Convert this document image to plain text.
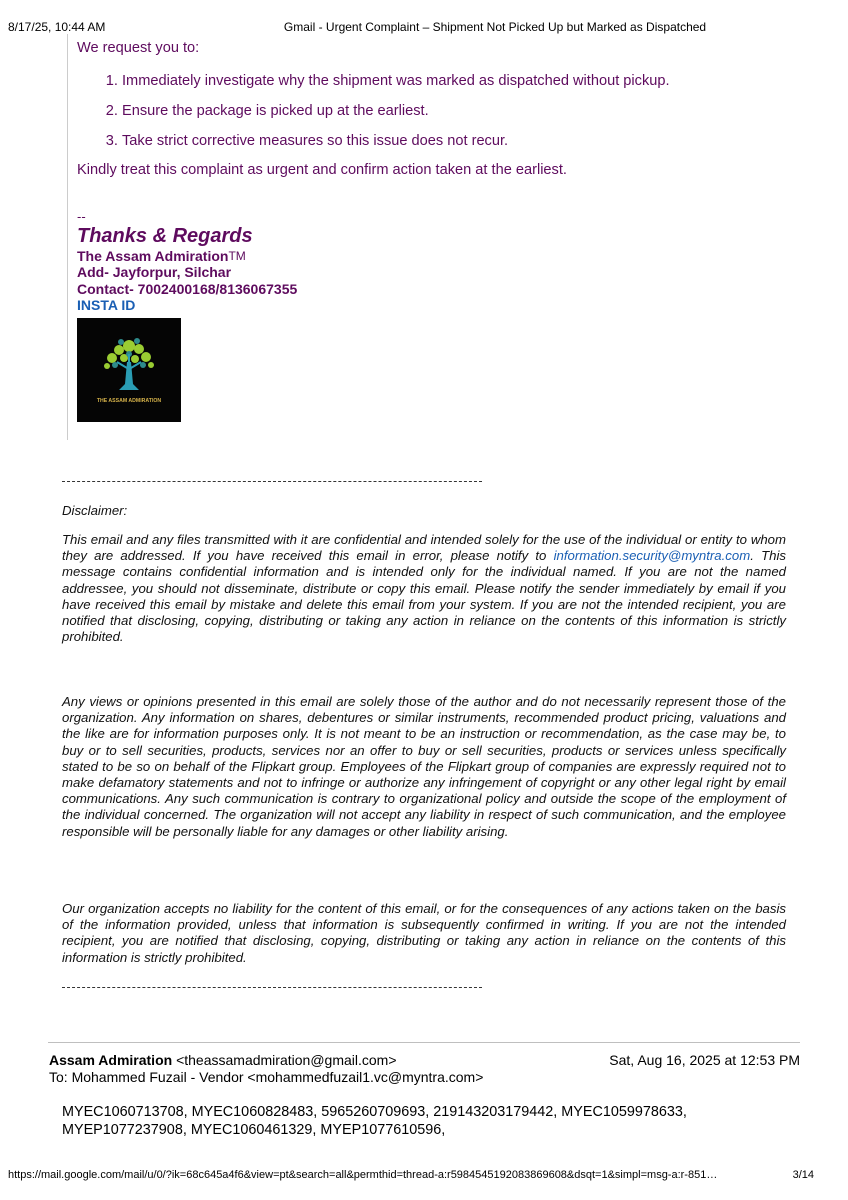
8/17/25, 10:44 AM	Gmail - Urgent Complaint – Shipment Not Picked Up but Marked as Dispatched

We request you to:

1. Immediately investigate why the shipment was marked as dispatched without pickup.
2. Ensure the package is picked up at the earliest.
3. Take strict corrective measures so this issue does not recur.
Kindly treat this complaint as urgent and confirm action taken at the earliest.
--
Thanks & Regards
The Assam AdmirationTM
Add- Jayforpur, Silchar
Contact- 7002400168/8136067355
INSTA ID
THE ASSAM ADMIRATION
Disclaimer:
This email and any files transmitted with it are confidential and intended solely for the use of the individual or entity to whom they are addressed. If you have received this email in error, please notify to information.security@myntra.com. This message contains confidential information and is intended only for the individual named. If you are not the named addressee, you should not disseminate, distribute or copy this email. Please notify the sender immediately by email if you have received this email by mistake and delete this email from your system. If you are not the intended recipient, you are notified that disclosing, copying, distributing or taking any action in reliance on the contents of this information is strictly prohibited.
Any views or opinions presented in this email are solely those of the author and do not necessarily represent those of the organization. Any information on shares, debentures or similar instruments, recommended product pricing, valuations and the like are for information purposes only. It is not meant to be an instruction or recommendation, as the case may be, to buy or to sell securities, products, services nor an offer to buy or sell securities, products or services unless specifically stated to be so on behalf of the Flipkart group. Employees of the Flipkart group of companies are expressly required not to make defamatory statements and not to infringe or authorize any infringement of copyright or any other legal right by email communications. Any such communication is contrary to organizational policy and outside the scope of the employment of the individual concerned. The organization will not accept any liability in respect of such communication, and the employee responsible will be personally liable for any damages or other liability arising.
Our organization accepts no liability for the content of this email, or for the consequences of any actions taken on the basis of the information provided, unless that information is subsequently confirmed in writing. If you are not the intended recipient, you are notified that disclosing, copying, distributing or taking any action in reliance on the contents of this information is strictly prohibited.
Assam Admiration <theassamadmiration@gmail.com>	Sat, Aug 16, 2025 at 12:53 PM
To: Mohammed Fuzail - Vendor <mohammedfuzail1.vc@myntra.com>
MYEC1060713708, MYEC1060828483, 5965260709693, 219143203179442, MYEC1059978633,
MYEP1077237908, MYEC1060461329, MYEP1077610596,
https://mail.google.com/mail/u/0/?ik=68c645a4f6&view=pt&search=all&permthid=thread-a:r5984545192083869608&dsqt=1&simpl=msg-a:r-851…	3/14
